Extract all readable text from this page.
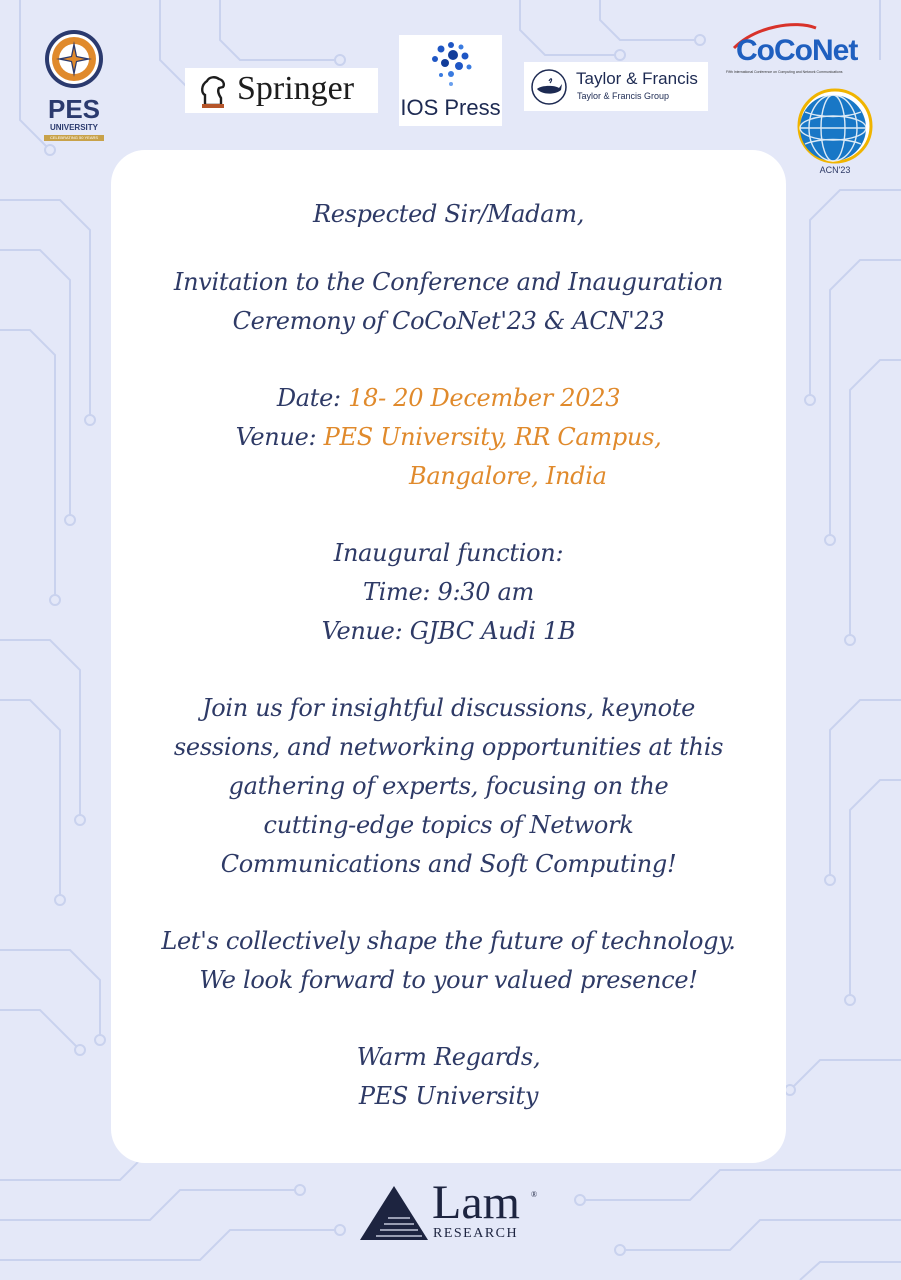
PES
UNIVERSITY
CELEBRATING 50 YEARS
Springer
IOS Press
Taylor & Francis
Taylor & Francis Group
CoCoNet
Fifth International Conference on Computing and Network Communications
ACN'23
Respected Sir/Madam,
Invitation to the Conference and Inauguration
Ceremony of CoCoNet'23 & ACN'23
Date: 18- 20 December 2023
Venue: PES University, RR Campus,
Bangalore, India
Inaugural function:
Time: 9:30 am
Venue: GJBC Audi 1B
Join us for insightful discussions, keynote
sessions, and networking opportunities at this
gathering of experts, focusing on the
cutting-edge topics of Network
Communications and Soft Computing!
Let's collectively shape the future of technology.
We look forward to your valued presence!
Warm Regards,
PES University
Lam ®
RESEARCH
